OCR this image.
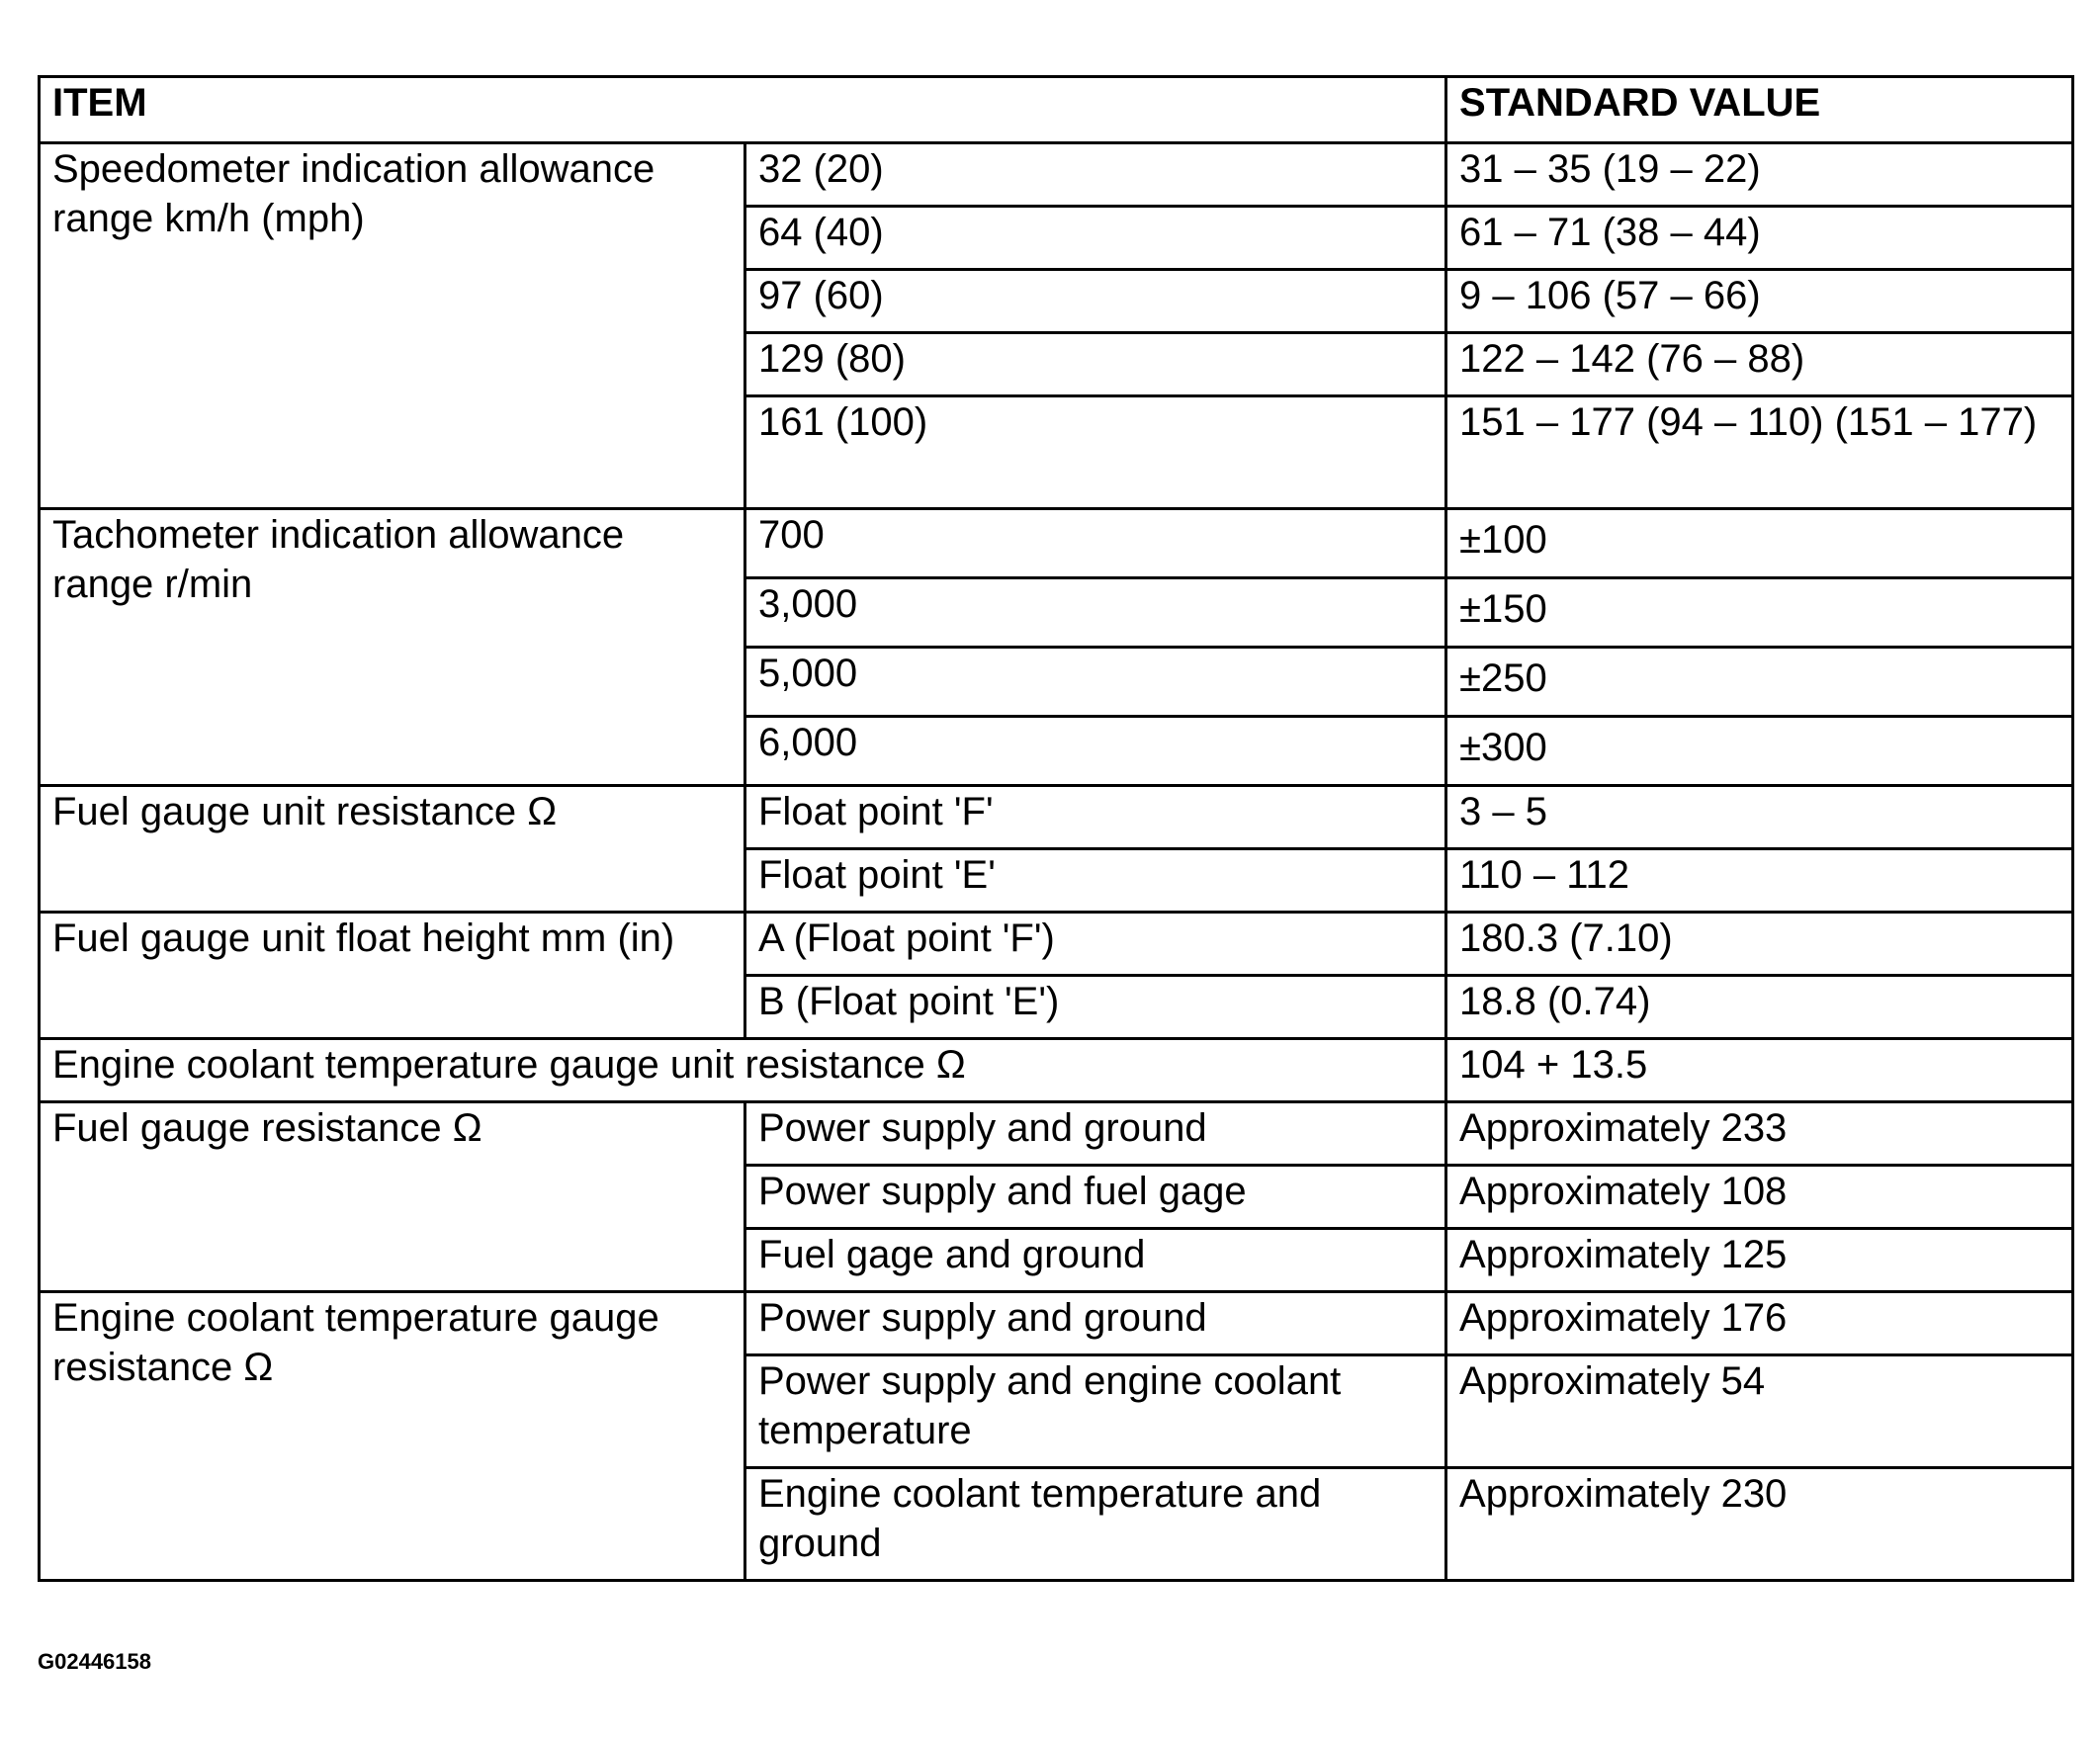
ITEM		STANDARD VALUE
Speedometer indication allowance range km/h (mph)	32 (20)	31 – 35 (19 – 22)
	64 (40)	61 – 71 (38 – 44)
	97 (60)	9 – 106 (57 – 66)
	129 (80)	122 – 142 (76 – 88)
	161 (100)	151 – 177 (94 – 110) (151 – 177)
Tachometer indication allowance range r/min	700	±100
	3,000	±150
	5,000	±250
	6,000	±300
Fuel gauge unit resistance Ω	Float point 'F'	3 – 5
	Float point 'E'	110 – 112
Fuel gauge unit float height mm (in)	A (Float point 'F')	180.3 (7.10)
	B (Float point 'E')	18.8 (0.74)
Engine coolant temperature gauge unit resistance Ω		104 + 13.5
Fuel gauge resistance Ω	Power supply and ground	Approximately 233
	Power supply and fuel gage	Approximately 108
	Fuel gage and ground	Approximately 125
Engine coolant temperature gauge resistance Ω	Power supply and ground	Approximately 176
	Power supply and engine coolant temperature	Approximately 54
	Engine coolant temperature and ground	Approximately 230
G02446158
